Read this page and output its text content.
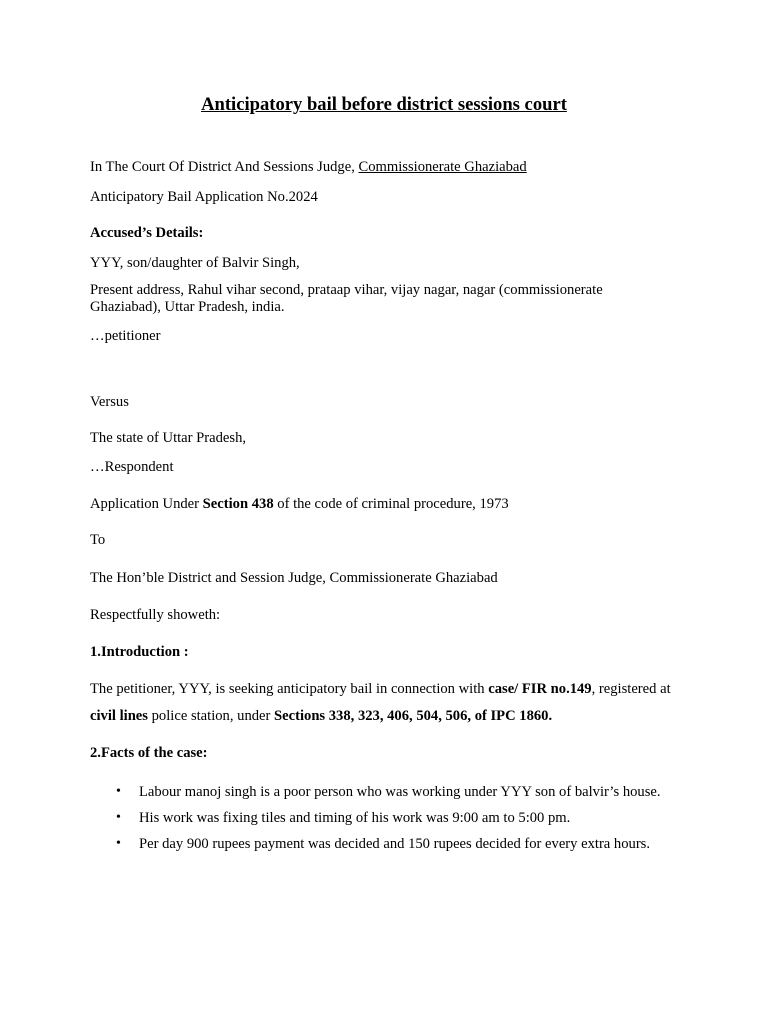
Anticipatory bail before district sessions court

In The Court Of District And Sessions Judge, Commissionerate Ghaziabad

Anticipatory Bail Application No.2024

Accused’s Details:

YYY, son/daughter of Balvir Singh,

Present address, Rahul vihar second, prataap vihar, vijay nagar, nagar (commissionerate Ghaziabad), Uttar Pradesh, india.

…petitioner

Versus

The state of Uttar Pradesh,

…Respondent

Application Under Section 438 of the code of criminal procedure, 1973

To

The Hon’ble District and Session Judge, Commissionerate Ghaziabad

Respectfully showeth:

1.Introduction :

The petitioner, YYY, is seeking anticipatory bail in connection with case/ FIR no.149, registered at civil lines police station, under Sections 338, 323, 406, 504, 506, of IPC 1860.

2.Facts of the case:

• Labour manoj singh is a poor person who was working under YYY son of balvir’s house.
• His work was fixing tiles and timing of his work was 9:00 am to 5:00 pm.
• Per day 900 rupees payment was decided and 150 rupees decided for every extra hours.
